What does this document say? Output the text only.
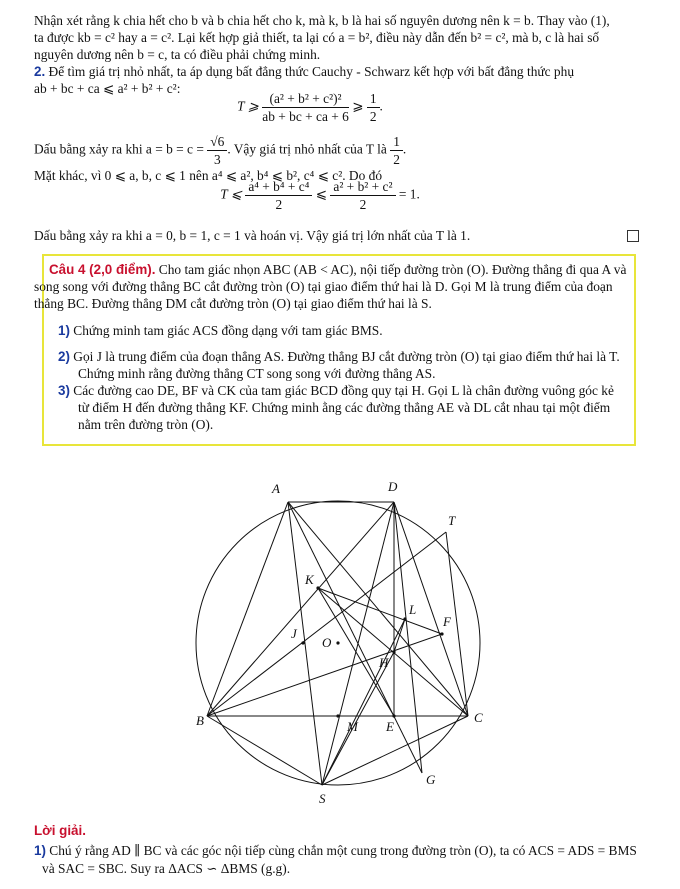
Nhận xét rằng k chia hết cho b và b chia hết cho k, mà k, b là hai số nguyên dương nên k = b. Thay vào (1),
ta được kb = c² hay a = c². Lại kết hợp giả thiết, ta lại có a = b², điều này dẫn đến b² = c², mà b, c là hai số
nguyên dương nên b = c, ta có điều phải chứng minh.
2. Để tìm giá trị nhỏ nhất, ta áp dụng bất đẳng thức Cauchy - Schwarz kết hợp với bất đẳng thức phụ
ab + bc + ca ⩽ a² + b² + c²:
T ⩾ $\frac{\text{(a² + b² + c²)²}}{ab + bc + ca + 6}$ ⩾ $\frac{1}{2}$ .
Dấu bằng xảy ra khi $a = b = c = \frac{√6}{3}$ . Vậy giá trị nhỏ nhất của T là $\frac{1}{2}$ .
Mặt khác, vì 0 ⩽ a, b, c ⩽ 1 nên a⁴ ⩽ a², b⁴ ⩽ b², c⁴ ⩽ c². Do đó
T ⩽ $\frac{\text{a⁴ + b⁴ + c⁴}}{2}$ ⩽ $\frac{\text{a² + b² + c²}}{2} = 1$.
Dấu bằng xảy ra khi a = 0, b = 1, c = 1 và hoán vị. Vậy giá trị lớn nhất của T là 1.
Câu 4 (2,0 điểm). Cho tam giác nhọn ABC (AB < AC), nội tiếp đường tròn (O). Đường thẳng đi qua A và
song song với đường thẳng BC cắt đường tròn (O) tại giao điểm thứ hai là D. Gọi M là trung điểm của đoạn
thẳng BC. Đường thẳng DM cắt đường tròn (O) tại giao điểm thứ hai là S.
1) Chứng minh tam giác ACS đồng dạng với tam giác BMS.
2) Gọi J là trung điểm của đoạn thẳng AS. Đường thẳng BJ cắt đường tròn (O) tại giao điểm thứ hai là T.
Chứng minh rằng đường thẳng CT song song với đường thẳng AS.
3) Các đường cao DE, BF và CK của tam giác BCD đồng quy tại H. Gọi L là chân đường vuông góc kẻ
từ điểm H đến đường thẳng KF. Chứng minh ằng các đường thẳng AE và DL cắt nhau tại một điểm
nằm trên đường tròn (O).
A	D
T
K
L
F
J
O
H
B	M E
C
G
S
Lời giải.
1) Chú ý rằng AD ∥ BC và các góc nội tiếp cùng chắn một cung trong đường tròn (O), ta có ACS = ADS = BMS
và SAC = SBC. Suy ra ΔACS ∽ ΔBMS (g.g).
